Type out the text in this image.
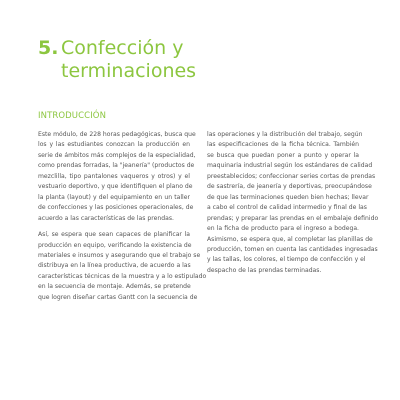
5. Confección y
terminaciones
INTRODUCCIÓN

Este módulo, de 228 horas pedagógicas, busca que
los y las estudiantes conozcan la producción en
serie de ámbitos más complejos de la especialidad,
como prendas forradas, la "jeanería" (productos de
mezclilla, tipo pantalones vaqueros y otros) y el
vestuario deportivo, y que identifiquen el plano de
la planta (layout) y del equipamiento en un taller
de confecciones y las posiciones operacionales, de
acuerdo a las características de las prendas.

Así, se espera que sean capaces de planificar la
producción en equipo, verificando la existencia de
materiales e insumos y asegurando que el trabajo se
distribuya en la línea productiva, de acuerdo a las
características técnicas de la muestra y a lo estipulado
en la secuencia de montaje. Además, se pretende
que logren diseñar cartas Gantt con la secuencia de

las operaciones y la distribución del trabajo, según
las especificaciones de la ficha técnica. También
se busca que puedan poner a punto y operar la
maquinaria industrial según los estándares de calidad
preestablecidos; confeccionar series cortas de prendas
de sastrería, de jeanería y deportivas, preocupándose
de que las terminaciones queden bien hechas; llevar
a cabo el control de calidad intermedio y final de las
prendas; y preparar las prendas en el embalaje definido
en la ficha de producto para el ingreso a bodega.
Asimismo, se espera que, al completar las planillas de
producción, tomen en cuenta las cantidades ingresadas
y las tallas, los colores, el tiempo de confección y el
despacho de las prendas terminadas.
